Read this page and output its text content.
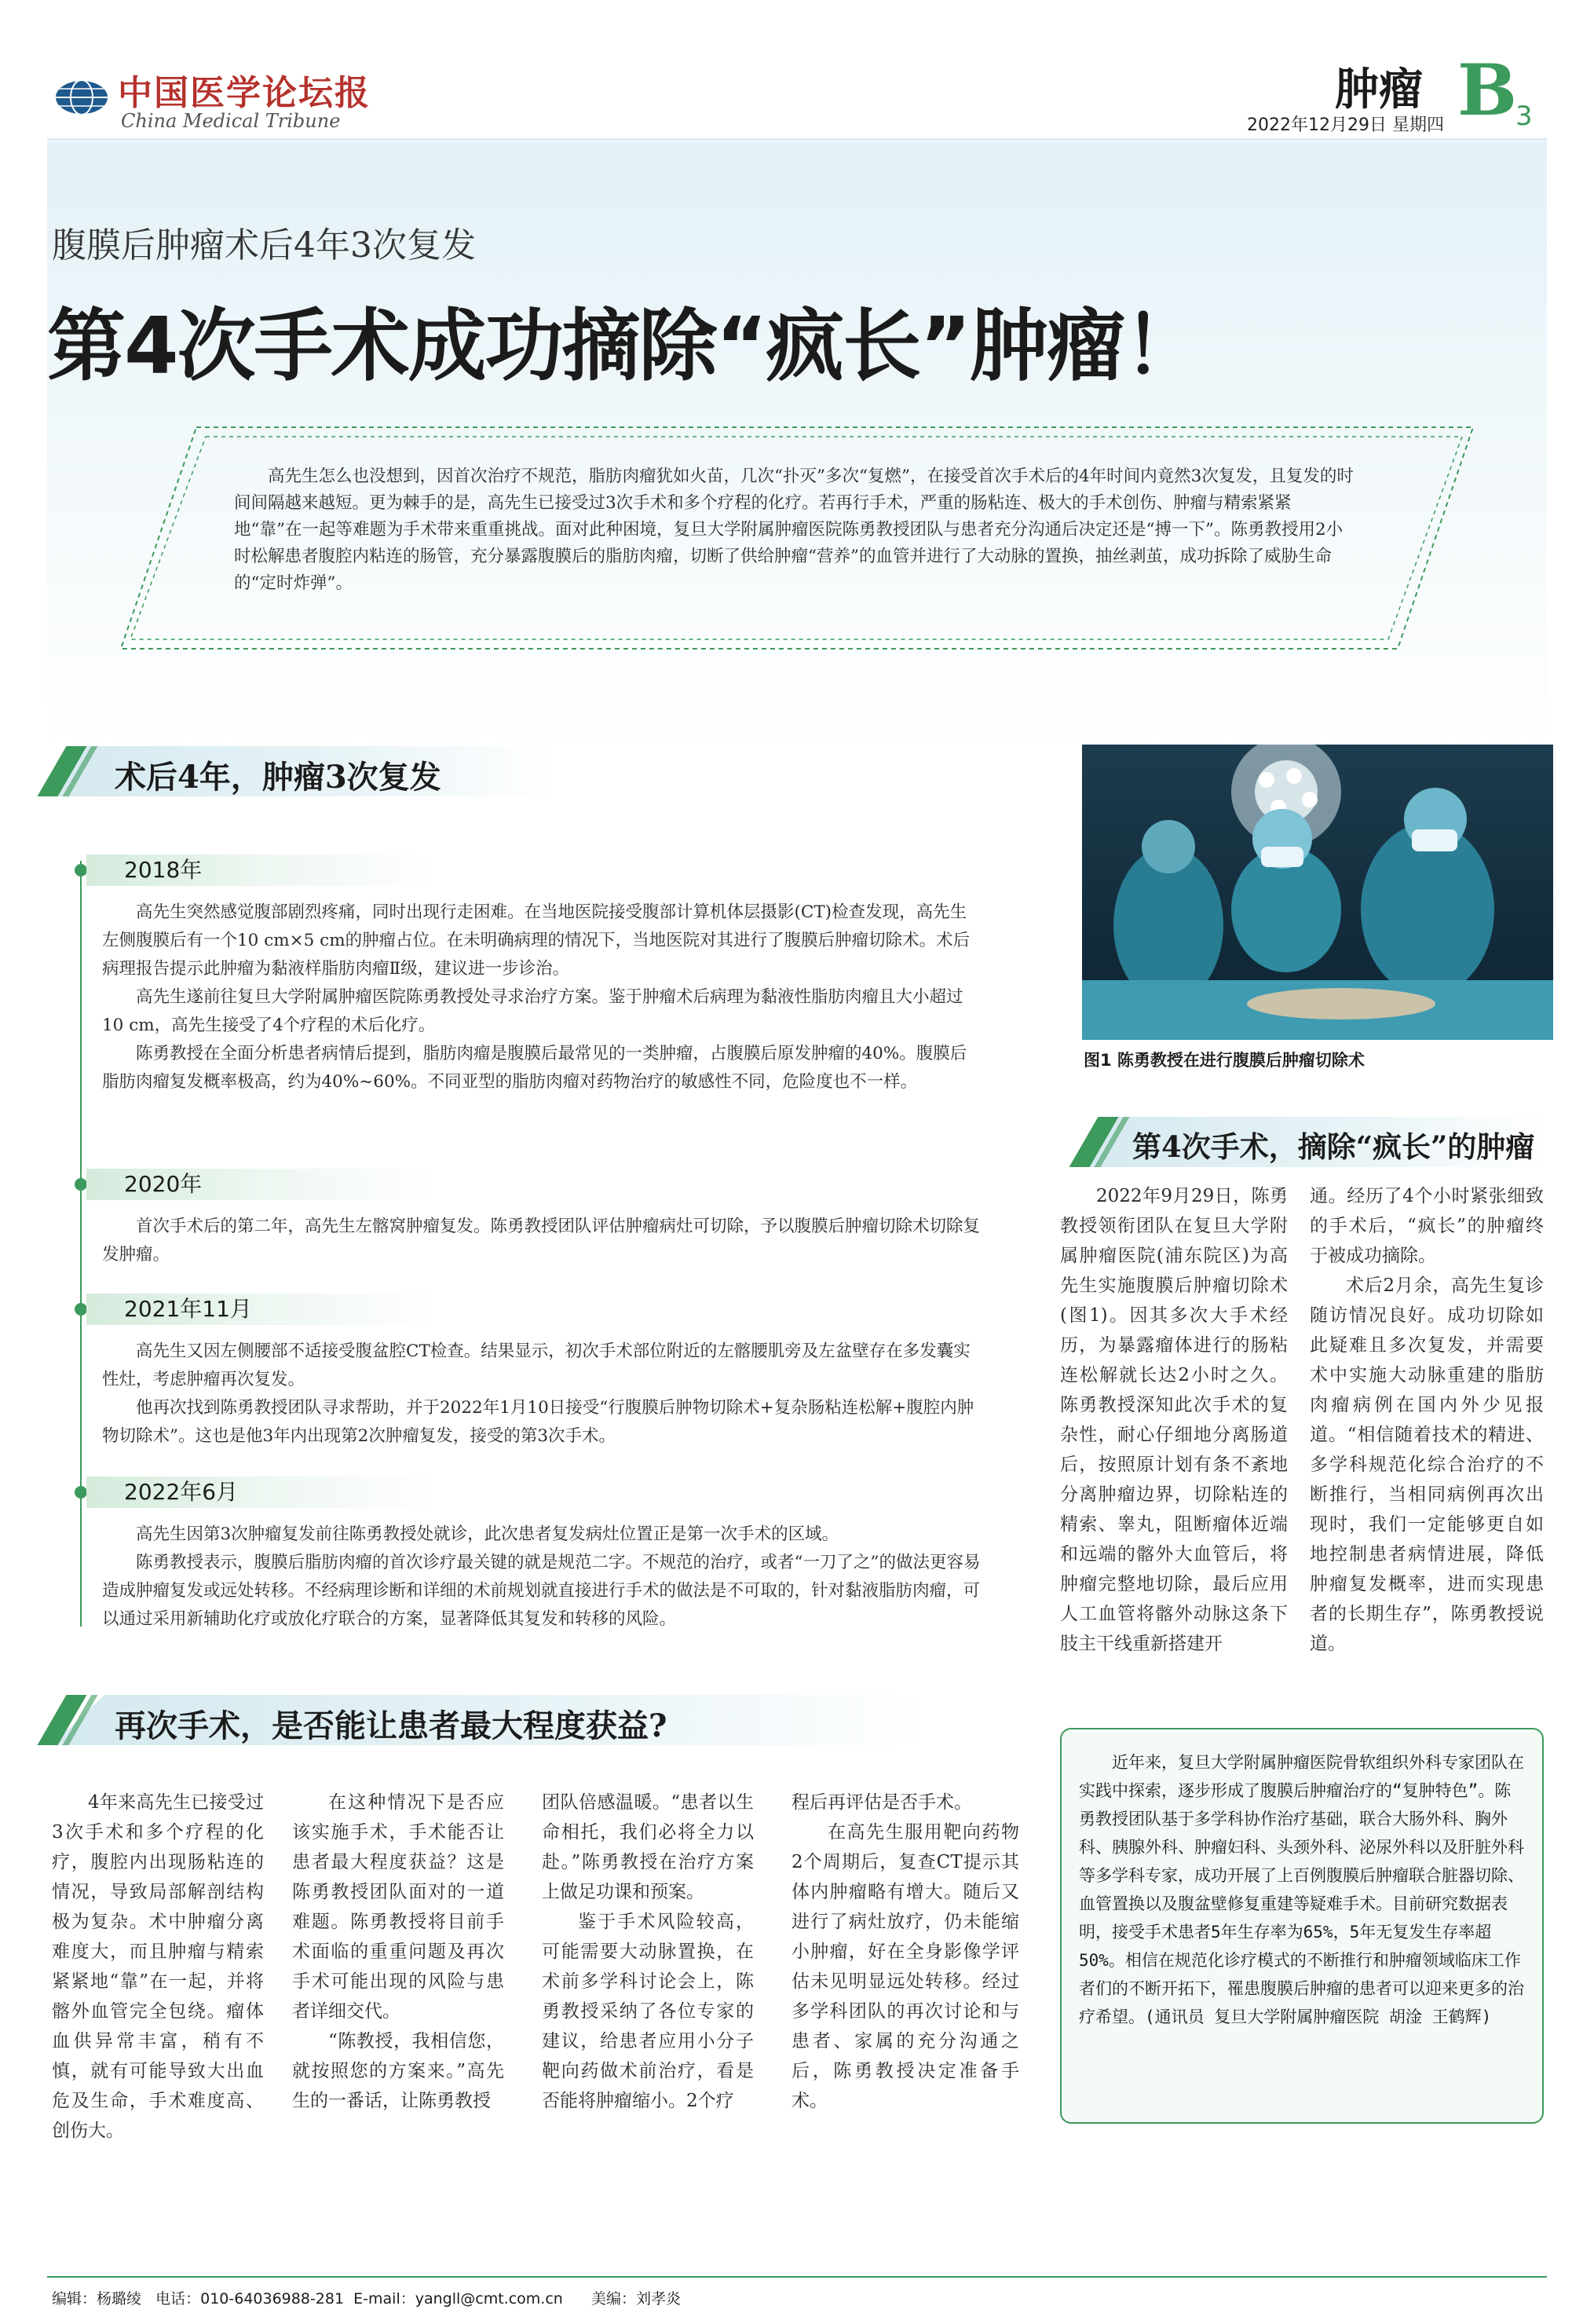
中国医学论坛报
China Medical Tribune
肿瘤
2022年12月29日 星期四 B
3
腹膜后肿瘤术后4年3次复发
第4次手术成功摘除“疯长”肿瘤！
高先生怎么也没想到，因首次治疗不规范，脂肪肉瘤犹如火苗，几次“扑灭”多次“复燃”，在接受首次手术后的4年时间内竟然3次复发，且复发的时间间隔越来越短。更为棘手的是，高先生已接受过3次手术和多个疗程的化疗。若再行手术，严重的肠粘连、极大的手术创伤、肿瘤与精索紧紧地“靠”在一起等难题为手术带来重重挑战。面对此种困境，复旦大学附属肿瘤医院陈勇教授团队与患者充分沟通后决定还是“搏一下”。陈勇教授用2小时松解患者腹腔内粘连的肠管，充分暴露腹膜后的脂肪肉瘤，切断了供给肿瘤“营养”的血管并进行了大动脉的置换，抽丝剥茧，成功拆除了威胁生命的“定时炸弹”。
术后4年，肿瘤3次复发
2018年

高先生突然感觉腹部剧烈疼痛，同时出现行走困难。在当地医院接受腹部计算机体层摄影(CT)检查发现，高先生左侧腹膜后有一个10 cm×5 cm的肿瘤占位。在未明确病理的情况下，当地医院对其进行了腹膜后肿瘤切除术。术后病理报告提示此肿瘤为黏液样脂肪肉瘤Ⅱ级，建议进一步诊治。

高先生遂前往复旦大学附属肿瘤医院陈勇教授处寻求治疗方案。鉴于肿瘤术后病理为黏液性脂肪肉瘤且大小超过10 cm，高先生接受了4个疗程的术后化疗。

陈勇教授在全面分析患者病情后提到，脂肪肉瘤是腹膜后最常见的一类肿瘤，占腹膜后原发肿瘤的40%。腹膜后脂肪肉瘤复发概率极高，约为40%~60%。不同亚型的脂肪肉瘤对药物治疗的敏感性不同，危险度也不一样。

2020年

首次手术后的第二年，高先生左髂窝肿瘤复发。陈勇教授团队评估肿瘤病灶可切除，予以腹膜后肿瘤切除术切除复发肿瘤。

2021年11月

高先生又因左侧腰部不适接受腹盆腔CT检查。结果显示，初次手术部位附近的左髂腰肌旁及左盆壁存在多发囊实性灶，考虑肿瘤再次复发。

他再次找到陈勇教授团队寻求帮助，并于2022年1月10日接受“行腹膜后肿物切除术+复杂肠粘连松解+腹腔内肿物切除术”。这也是他3年内出现第2次肿瘤复发，接受的第3次手术。

2022年6月

高先生因第3次肿瘤复发前往陈勇教授处就诊，此次患者复发病灶位置正是第一次手术的区域。

陈勇教授表示，腹膜后脂肪肉瘤的首次诊疗最关键的就是规范二字。不规范的治疗，或者“一刀了之”的做法更容易造成肿瘤复发或远处转移。不经病理诊断和详细的术前规划就直接进行手术的做法是不可取的，针对黏液脂肪肉瘤，可以通过采用新辅助化疗或放化疗联合的方案，显著降低其复发和转移的风险。

图1 陈勇教授在进行腹膜后肿瘤切除术
第4次手术，摘除“疯长”的肿瘤

2022年9月29日，陈勇教授领衔团队在复旦大学附属肿瘤医院(浦东院区)为高先生实施腹膜后肿瘤切除术(图1)。因其多次大手术经历，为暴露瘤体进行的肠粘连松解就长达2小时之久。陈勇教授深知此次手术的复杂性，耐心仔细地分离肠道后，按照原计划有条不紊地分离肿瘤边界，切除粘连的精索、睾丸，阻断瘤体近端和远端的髂外大血管后，将肿瘤完整地切除，最后应用人工血管将髂外动脉这条下肢主干线重新搭建开

通。经历了4个小时紧张细致的手术后，“疯长”的肿瘤终于被成功摘除。

术后2月余，高先生复诊随访情况良好。成功切除如此疑难且多次复发，并需要术中实施大动脉重建的脂肪肉瘤病例在国内外少见报道。“相信随着技术的精进、多学科规范化综合治疗的不断推行，当相同病例再次出现时，我们一定能够更自如地控制患者病情进展，降低肿瘤复发概率，进而实现患者的长期生存”，陈勇教授说道。

再次手术，是否能让患者最大程度获益?

4年来高先生已接受过3次手术和多个疗程的化疗，腹腔内出现肠粘连的情况，导致局部解剖结构极为复杂。术中肿瘤分离难度大，而且肿瘤与精索紧紧地“靠”在一起，并将髂外血管完全包绕。瘤体血供异常丰富，稍有不慎，就有可能导致大出血危及生命，手术难度高、创伤大。

在这种情况下是否应该实施手术，手术能否让患者最大程度获益？这是陈勇教授团队面对的一道难题。陈勇教授将目前手术面临的重重问题及再次手术可能出现的风险与患者详细交代。

“陈教授，我相信您，就按照您的方案来。”高先生的一番话，让陈勇教授

团队倍感温暖。“患者以生命相托，我们必将全力以赴。”陈勇教授在治疗方案上做足功课和预案。

鉴于手术风险较高，可能需要大动脉置换，在术前多学科讨论会上，陈勇教授采纳了各位专家的建议，给患者应用小分子靶向药做术前治疗，看是否能将肿瘤缩小。2个疗

程后再评估是否手术。

在高先生服用靶向药物2个周期后，复查CT提示其体内肿瘤略有增大。随后又进行了病灶放疗，仍未能缩小肿瘤，好在全身影像学评估未见明显远处转移。经过多学科团队的再次讨论和与患者、家属的充分沟通之后，陈勇教授决定准备手术。

近年来，复旦大学附属肿瘤医院骨软组织外科专家团队在实践中探索，逐步形成了腹膜后肿瘤治疗的“复肿特色”。陈勇教授团队基于多学科协作治疗基础，联合大肠外科、胸外科、胰腺外科、肿瘤妇科、头颈外科、泌尿外科以及肝脏外科等多学科专家，成功开展了上百例腹膜后肿瘤联合脏器切除、血管置换以及腹盆壁修复重建等疑难手术。目前研究数据表明，接受手术患者5年生存率为65%，5年无复发生存率超50%。相信在规范化诊疗模式的不断推行和肿瘤领域临床工作者们的不断开拓下，罹患腹膜后肿瘤的患者可以迎来更多的治疗希望。(通讯员 复旦大学附属肿瘤医院 胡淦 王鹤辉)
编辑：杨璐绫   电话：010-64036988-281  E-mail：yangll@cmt.com.cn      美编：刘孝炎
